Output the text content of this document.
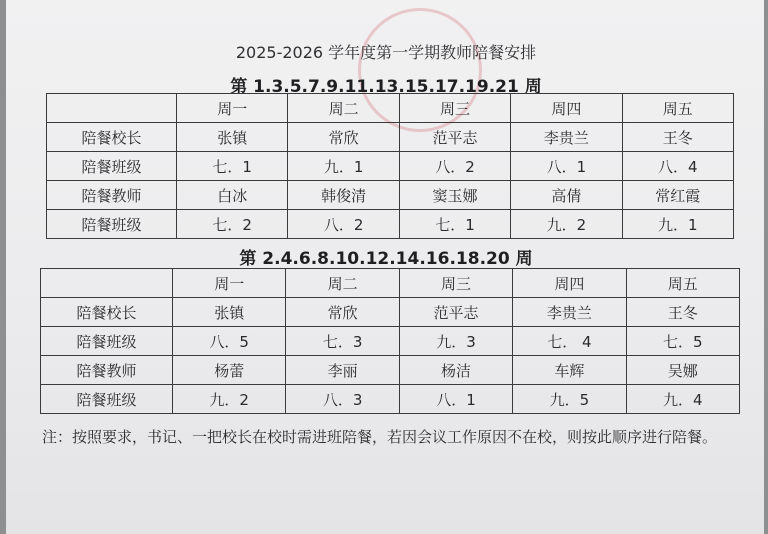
2025-2026 学年度第一学期教师陪餐安排
第 1.3.5.7.9.11.13.15.17.19.21 周
	周一	周二	周三	周四	周五
陪餐校长	张镇	常欣	范平志	李贵兰	王冬
陪餐班级	七．1	九．1	八．2	八．1	八．4
陪餐教师	白冰	韩俊清	窦玉娜	高倩	常红霞
陪餐班级	七．2	八．2	七．1	九．2	九．1
第 2.4.6.8.10.12.14.16.18.20 周
	周一	周二	周三	周四	周五
陪餐校长	张镇	常欣	范平志	李贵兰	王冬
陪餐班级	八．5	七．3	九．3	七． 4	七．5
陪餐教师	杨蕾	李丽	杨洁	车辉	吴娜
陪餐班级	九．2	八．3	八．1	九．5	九．4
注：按照要求，书记、一把校长在校时需进班陪餐，若因会议工作原因不在校，则按此顺序进行陪餐。
